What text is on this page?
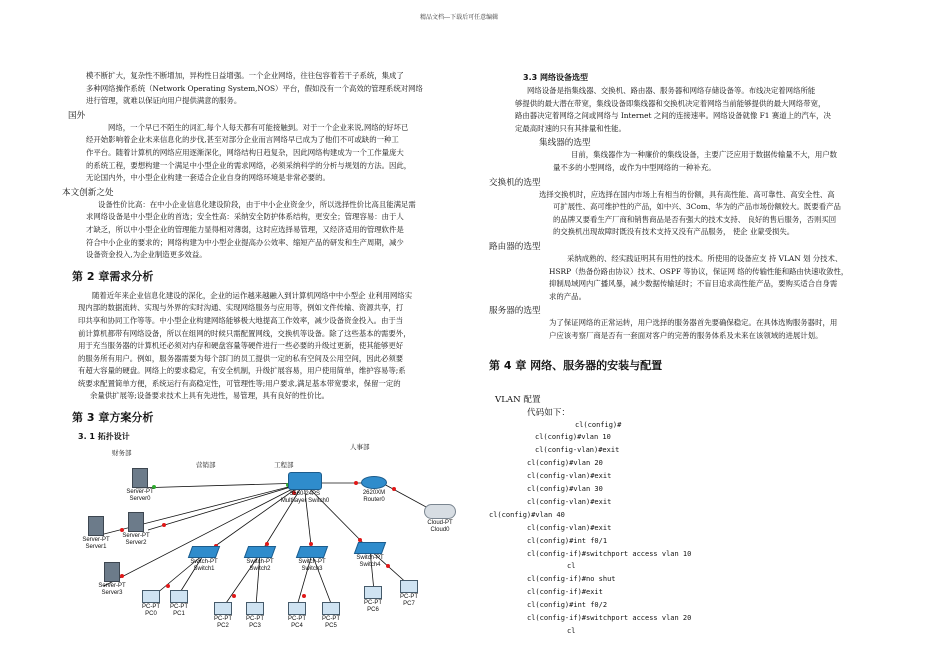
精品文档---下载后可任意编辑

模不断扩大，复杂性不断增加，异构性日益增强。一个企业网络，往往包容着若干子系统，集成了

多种网络操作系统（Network Operating System,NOS）平台，假如没有一个高效的管理系统对网络

进行管理，就难以保证向用户提供满意的服务。

国外

网络，一个早已不陌生的词汇,每个人每天都有可能接触到。对于一个企业来说,网络的好坏已

经开始影响着企业未来信息化的步伐,甚至对部分企业而言网络早已成为了他们不可或缺的一种工

作平台。随着计算机的网络应用逐渐深化，网络结构日趋复杂，因此网络构建成为一个工作量庞大

的系统工程，要想构建一个满足中小型企业的需求网络，必须采纳科学的分析与规划的方法。因此，

无论国内外，中小型企业构建一套适合企业自身的网络环境是非常必要的。

本文创新之处

设备性价比高：在中小企业信息化建设阶段，由于中小企业资金少，所以选择性价比高且能满足需

求网络设备是中小型企业的首选；安全性高：采纳安全防护体系结构，更安全；管理容易：由于人

才缺乏，所以中小型企业的管理能力显得相对薄弱，这时应选择易管理，又经济适用的管理软件是

符合中小企业的要求的；网络构建为中小型企业提高办公效率、缩短产品的研发和生产周期，减少

设备资金投入,为企业制造更多效益。

第 2 章需求分析

随着近年来企业信息化建设的深化，企业的运作越来越融入到计算机网络中中小型企 业利用网络实

现内部的数据流转、实现与外界的实时沟通、实现网络服务与应用等，例如文件传输、资源共享，打

印共享和协同工作等等。中小型企业构建网络能够极大地提高工作效率，减少设备资金投入。由于当

前计算机都带有网络设备，所以在组网的时候只需配置网线，交换机等设备。除了这些基本的需要外，

用于充当服务器的计算机还必须对内存和硬盘容量等硬件进行一些必要的升级过更新，使其能够更好

的服务所有用户。例如，服务器需要为每个部门的员工提供一定的私有空间及公用空间，因此必须要

有超大容量的硬盘。网络上的要求稳定，有安全机制，升级扩展容易，用户使用简单，维护容易等;系

统要求配置简单方便，系统运行有高稳定性，可管理性等;用户要求,满足基本带宽要求，保留一定的

余量供扩展等;设备要求技术上具有先进性，易管理，具有良好的性价比。

第 3 章方案分析
3. 1 拓扑设计
财务部
营销部	工程部
人事部
Server-PT
Server0
Server-PT
Server1
Server-PT
Server2
Server-PT
Server3
3560-24PS
Multilayer Switch0
2620XM
Router0
Cloud-PT
Cloud0
Switch-PT
Switch1
Switch-PT
Switch2
Switch-PT
Switch3
Switch-PT
Switch4
PC-PT
PC0
PC-PT
PC1
PC-PT
PC2
PC-PT
PC3
PC-PT
PC4
PC-PT
PC5
PC-PT
PC6
PC-PT
PC7
3.3 网络设备选型

网络设备是指集线器、交换机、路由器、服务器和网络存储设备等。布线决定着网络所能

够提供的最大潜在带宽，集线设备即集线器和交换机决定着网络当前能够提供的最大网络带宽，

路由器决定着网络之间或网络与 Internet 之间的连接速率。网络设备就像 F1 赛道上的汽车，决

定最高时速的只有其排量和性能。

集线器的选型

目前，集线器作为一种廉价的集线设备，主要广泛应用于数据传输量不大，用户数

量不多的小型网络，或作为中型网络的一种补充。

交换机的选型

选择交换机时，应选择在国内市场上有相当的份额，具有高性能、高可靠性、高安全性、高

可扩展性、高可维护性的产品，如中兴、3Com、华为的产品市场份额较大。既要看产品

的品牌又要看生产厂商和销售商品是否有强大的技术支持、 良好的售后服务，否则买回

的交换机出现故障时既没有技术支持又没有产品服务， 使企 业蒙受损失。

路由器的选型

采纳成熟的、经实践证明其有用性的技术。所使用的设备应支 持 VLAN 划 分技术、

HSRP（热备份路由协议）技术、OSPF 等协议，保证网 络的传输性能和路由快速收敛性，

抑制局域网内广播风暴，减少数据传输延时；不盲目追求高性能产品，要购买适合自身需

求的产品。

服务器的选型

为了保证网络的正常运转，用户选择的服务器首先要确保稳定。在具体选购服务器时，用

户应该考察厂商是否有一套面对客户的完善的服务体系及未来在该领域的进展计划。

第 4 章 网络、服务器的安装与配置
VLAN 配置
代码如下：

cl(config)#

cl(config)#vlan 10

cl(config-vlan)#exit

cl(config)#vlan 20

cl(config-vlan)#exit

cl(config)#vlan 30

cl(config-vlan)#exit

cl(config)#vlan 40

cl(config-vlan)#exit

cl(config)#int f0/1

cl(config-if)#switchport access vlan 10

cl

cl(config-if)#no shut

cl(config-if)#exit

cl(config)#int f0/2

cl(config-if)#switchport access vlan 20

cl
